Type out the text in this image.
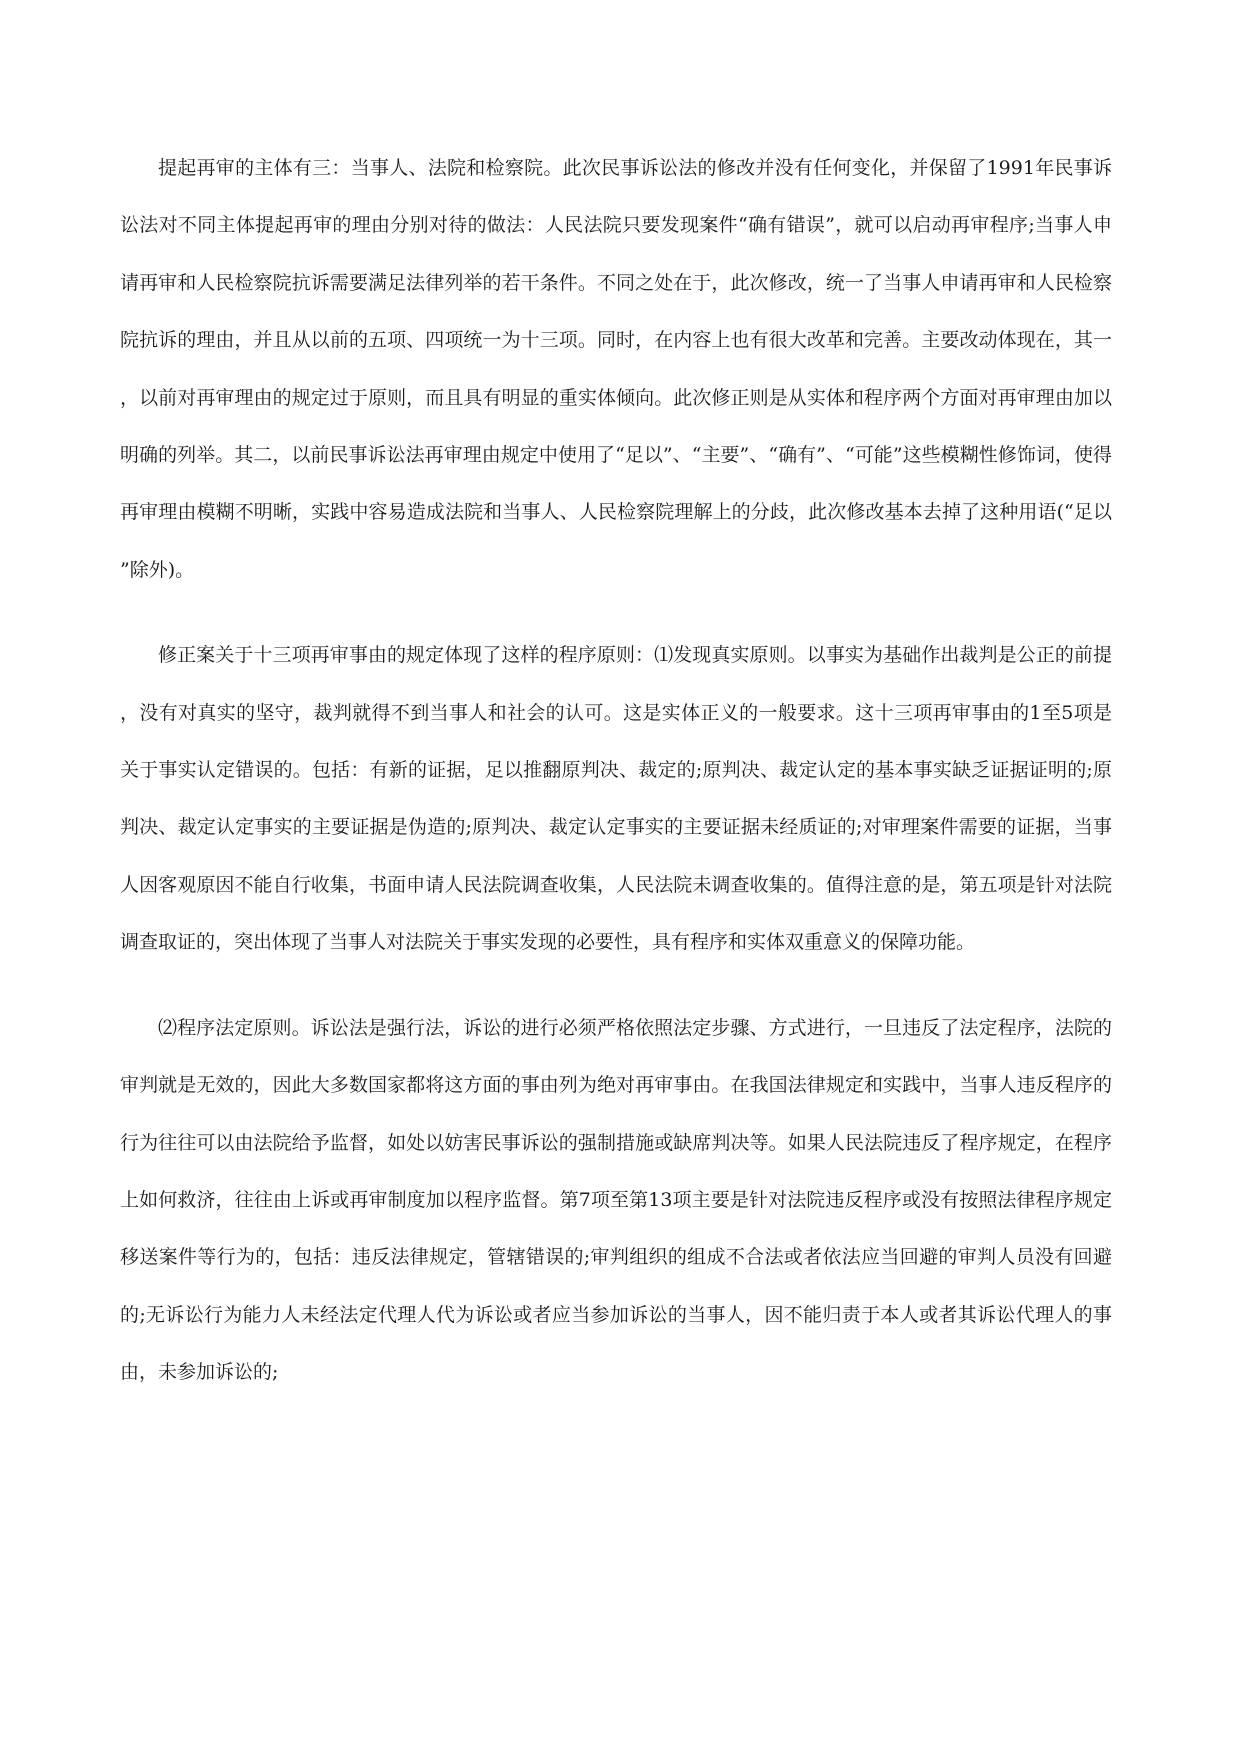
提起再审的主体有三：当事人、法院和检察院。此次民事诉讼法的修改并没有任何变化，并保留了1991年民事诉讼法对不同主体提起再审的理由分别对待的做法：人民法院只要发现案件“确有错误”，就可以启动再审程序;当事人申请再审和人民检察院抗诉需要满足法律列举的若干条件。不同之处在于，此次修改，统一了当事人申请再审和人民检察院抗诉的理由，并且从以前的五项、四项统一为十三项。同时，在内容上也有很大改革和完善。主要改动体现在，其一，以前对再审理由的规定过于原则，而且具有明显的重实体倾向。此次修正则是从实体和程序两个方面对再审理由加以明确的列举。其二，以前民事诉讼法再审理由规定中使用了“足以”、“主要”、“确有”、“可能”这些模糊性修饰词，使得再审理由模糊不明晰，实践中容易造成法院和当事人、人民检察院理解上的分歧，此次修改基本去掉了这种用语(“足以”除外)。

修正案关于十三项再审事由的规定体现了这样的程序原则：⑴发现真实原则。以事实为基础作出裁判是公正的前提，没有对真实的坚守，裁判就得不到当事人和社会的认可。这是实体正义的一般要求。这十三项再审事由的1至5项是关于事实认定错误的。包括：有新的证据，足以推翻原判决、裁定的;原判决、裁定认定的基本事实缺乏证据证明的;原判决、裁定认定事实的主要证据是伪造的;原判决、裁定认定事实的主要证据未经质证的;对审理案件需要的证据，当事人因客观原因不能自行收集，书面申请人民法院调查收集，人民法院未调查收集的。值得注意的是，第五项是针对法院调查取证的，突出体现了当事人对法院关于事实发现的必要性，具有程序和实体双重意义的保障功能。

⑵程序法定原则。诉讼法是强行法，诉讼的进行必须严格依照法定步骤、方式进行，一旦违反了法定程序，法院的审判就是无效的，因此大多数国家都将这方面的事由列为绝对再审事由。在我国法律规定和实践中，当事人违反程序的行为往往可以由法院给予监督，如处以妨害民事诉讼的强制措施或缺席判决等。如果人民法院违反了程序规定，在程序上如何救济，往往由上诉或再审制度加以程序监督。第7项至第13项主要是针对法院违反程序或没有按照法律程序规定移送案件等行为的，包括：违反法律规定，管辖错误的;审判组织的组成不合法或者依法应当回避的审判人员没有回避的;无诉讼行为能力人未经法定代理人代为诉讼或者应当参加诉讼的当事人，因不能归责于本人或者其诉讼代理人的事由，未参加诉讼的;
